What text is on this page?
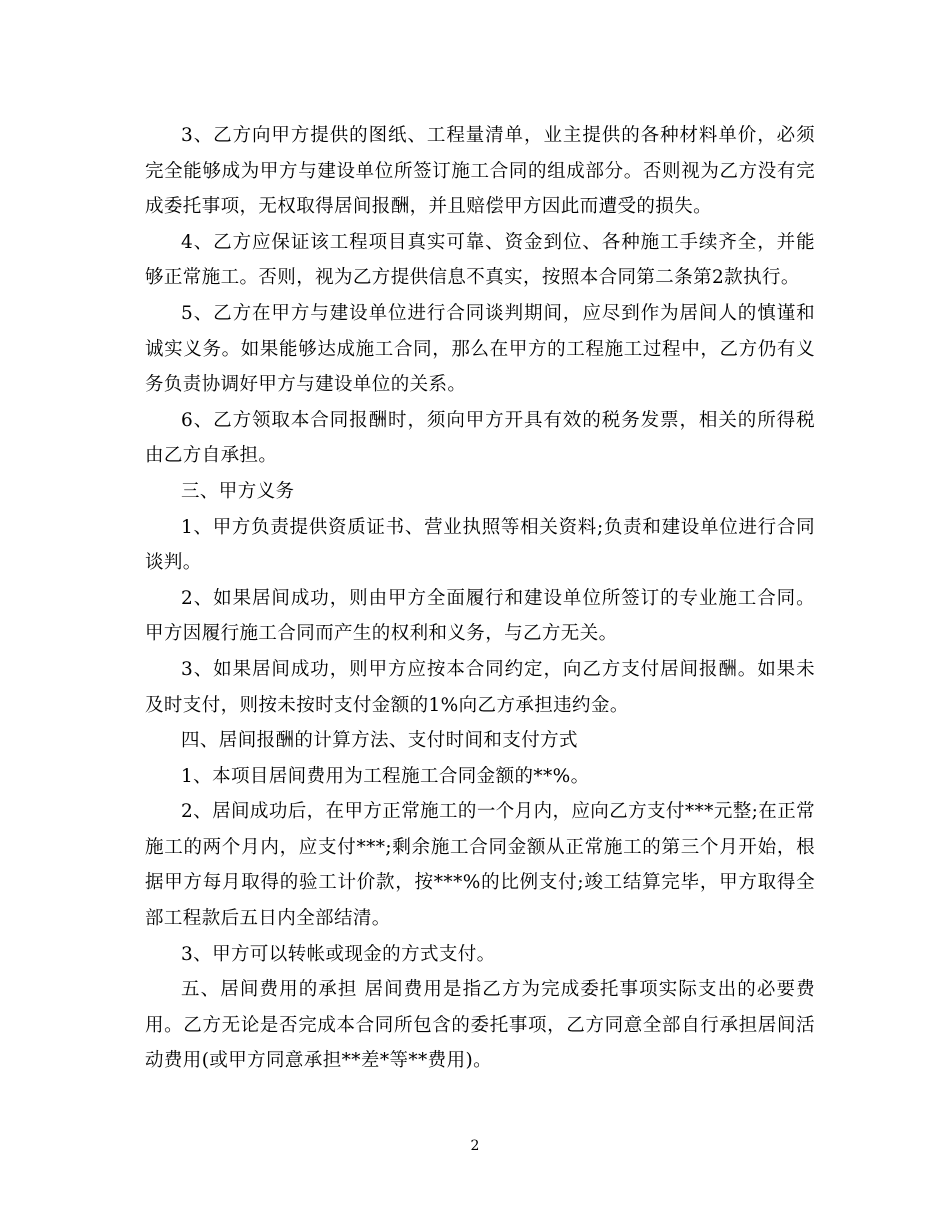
3、乙方向甲方提供的图纸、工程量清单，业主提供的各种材料单价，必须完全能够成为甲方与建设单位所签订施工合同的组成部分。否则视为乙方没有完成委托事项，无权取得居间报酬，并且赔偿甲方因此而遭受的损失。

4、乙方应保证该工程项目真实可靠、资金到位、各种施工手续齐全，并能够正常施工。否则，视为乙方提供信息不真实，按照本合同第二条第2款执行。

5、乙方在甲方与建设单位进行合同谈判期间，应尽到作为居间人的慎谨和诚实义务。如果能够达成施工合同，那么在甲方的工程施工过程中，乙方仍有义务负责协调好甲方与建设单位的关系。

6、乙方领取本合同报酬时，须向甲方开具有效的税务发票，相关的所得税由乙方自承担。

三、甲方义务

1、甲方负责提供资质证书、营业执照等相关资料;负责和建设单位进行合同谈判。

2、如果居间成功，则由甲方全面履行和建设单位所签订的专业施工合同。甲方因履行施工合同而产生的权利和义务，与乙方无关。

3、如果居间成功，则甲方应按本合同约定，向乙方支付居间报酬。如果未及时支付，则按未按时支付金额的1%向乙方承担违约金。

四、居间报酬的计算方法、支付时间和支付方式

1、本项目居间费用为工程施工合同金额的**%。

2、居间成功后，在甲方正常施工的一个月内，应向乙方支付***元整;在正常施工的两个月内，应支付***;剩余施工合同金额从正常施工的第三个月开始，根据甲方每月取得的验工计价款，按***%的比例支付;竣工结算完毕，甲方取得全部工程款后五日内全部结清。

3、甲方可以转帐或现金的方式支付。

五、居间费用的承担 居间费用是指乙方为完成委托事项实际支出的必要费用。乙方无论是否完成本合同所包含的委托事项，乙方同意全部自行承担居间活动费用(或甲方同意承担**差*等**费用)。

2
